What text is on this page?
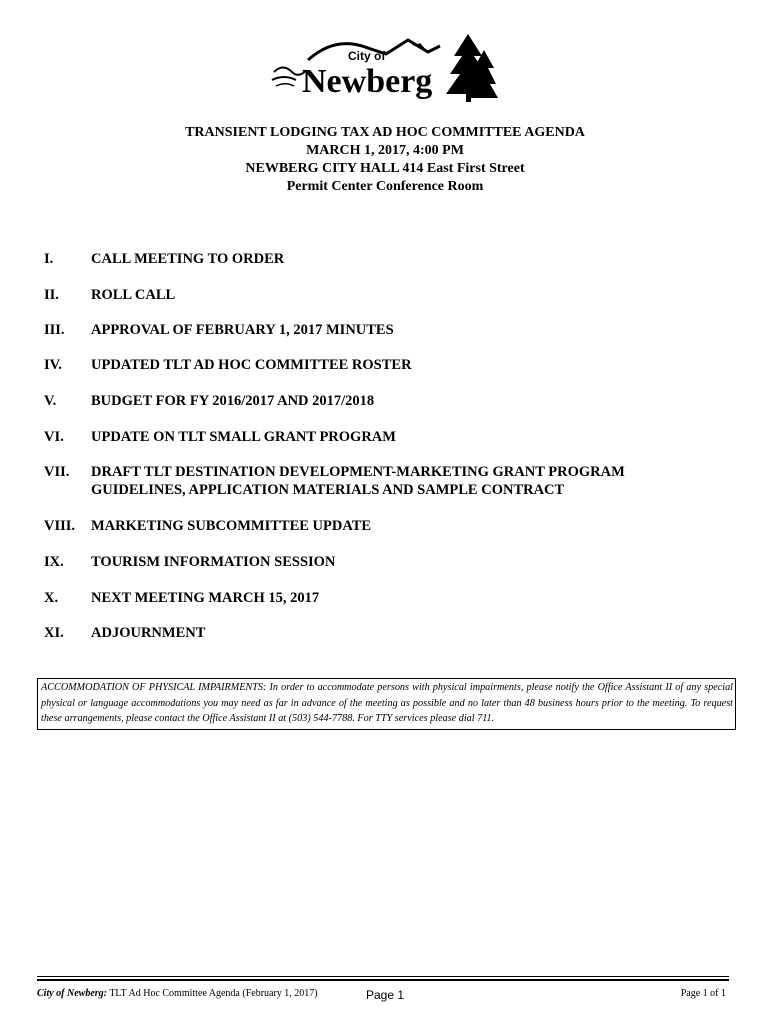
City of
Newberg
TRANSIENT LODGING TAX AD HOC COMMITTEE AGENDA
MARCH 1, 2017, 4:00 PM
NEWBERG CITY HALL 414 East First Street
Permit Center Conference Room
I.	CALL MEETING TO ORDER
II.	ROLL CALL
III.	APPROVAL OF FEBRUARY 1, 2017 MINUTES
IV.	UPDATED TLT AD HOC COMMITTEE ROSTER
V.	BUDGET FOR FY 2016/2017 AND 2017/2018
VI.	UPDATE ON TLT SMALL GRANT PROGRAM
VII.	DRAFT TLT DESTINATION DEVELOPMENT-MARKETING GRANT PROGRAM GUIDELINES, APPLICATION MATERIALS AND SAMPLE CONTRACT
VIII.	MARKETING SUBCOMMITTEE UPDATE
IX.	TOURISM INFORMATION SESSION
X.	NEXT MEETING MARCH 15, 2017
XI.	ADJOURNMENT
ACCOMMODATION OF PHYSICAL IMPAIRMENTS: In order to accommodate persons with physical impairments, please notify the Office Assistant II of any special physical or language accommodations you may need as far in advance of the meeting as possible and no later than 48 business hours prior to the meeting. To request these arrangements, please contact the Office Assistant II at (503) 544-7788. For TTY services please dial 711.
City of Newberg: TLT Ad Hoc Committee Agenda (February 1, 2017)	Page 1	Page 1 of 1
